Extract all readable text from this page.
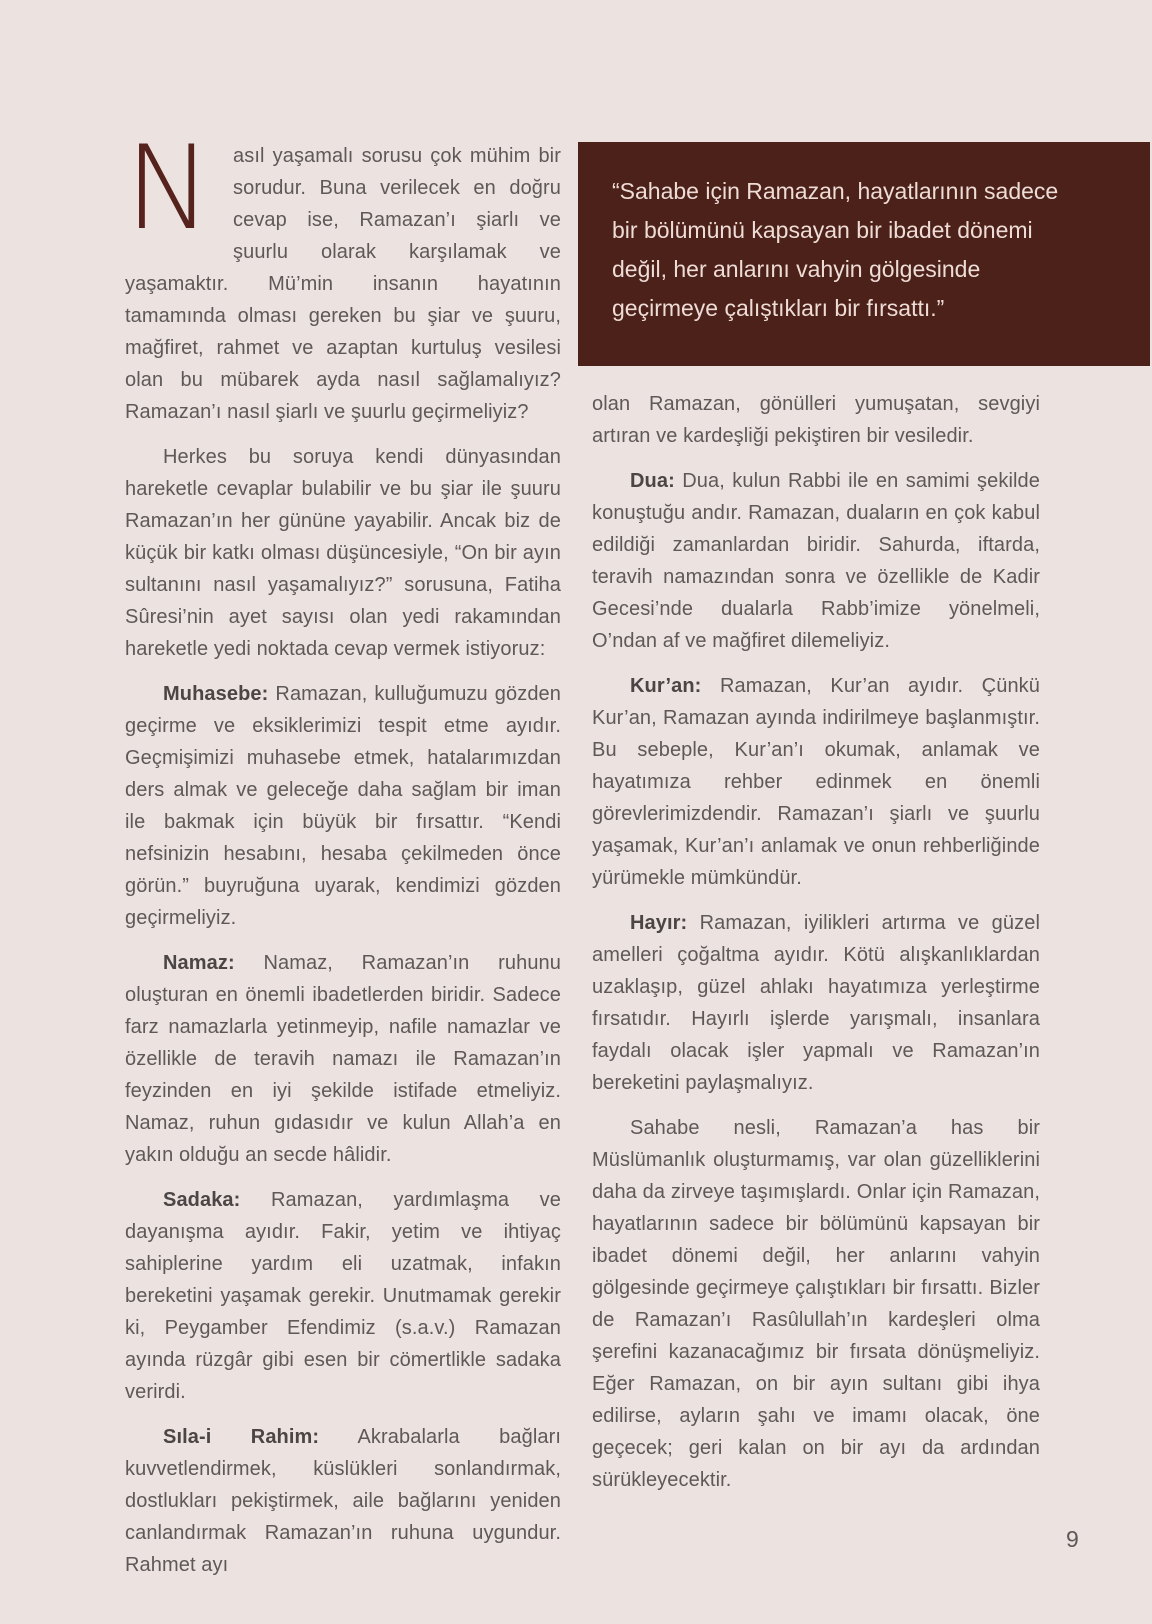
“Sahabe için Ramazan, hayatlarının sadece bir bölümünü kapsayan bir ibadet dönemi değil, her anlarını vahyin gölgesinde geçirmeye çalıştıkları bir fırsattı.”

N	asıl yaşamalı sorusu çok mühim bir sorudur. Buna verilecek en doğru cevap ise, Ramazan’ı şiarlı ve şuurlu olarak karşılamak ve yaşamaktır. Mü’min insanın hayatının tamamında olması gereken bu şiar ve şuuru, mağfiret, rahmet ve azaptan kurtuluş vesilesi olan bu mübarek ayda nasıl sağlamalıyız? Ramazan’ı nasıl şiarlı ve şuurlu geçirmeliyiz?

Herkes bu soruya kendi dünyasından hareketle cevaplar bulabilir ve bu şiar ile şuuru Ramazan’ın her gününe yayabilir. Ancak biz de küçük bir katkı olması düşüncesiyle, “On bir ayın sultanını nasıl yaşamalıyız?” sorusuna, Fatiha Sûresi’nin ayet sayısı olan yedi rakamından hareketle yedi noktada cevap vermek istiyoruz:

Muhasebe: Ramazan, kulluğumuzu gözden geçirme ve eksiklerimizi tespit etme ayıdır. Geçmişimizi muhasebe etmek, hatalarımızdan ders almak ve geleceğe daha sağlam bir iman ile bakmak için büyük bir fırsattır. “Kendi nefsinizin hesabını, hesaba çekilmeden önce görün.” buyruğuna uyarak, kendimizi gözden geçirmeliyiz.

Namaz: Namaz, Ramazan’ın ruhunu oluşturan en önemli ibadetlerden biridir. Sadece farz namazlarla yetinmeyip, nafile namazlar ve özellikle de teravih namazı ile Ramazan’ın feyzinden en iyi şekilde istifade etmeliyiz. Namaz, ruhun gıdasıdır ve kulun Allah’a en yakın olduğu an secde hâlidir.

Sadaka: Ramazan, yardımlaşma ve dayanışma ayıdır. Fakir, yetim ve ihtiyaç sahiplerine yardım eli uzatmak, infakın bereketini yaşamak gerekir. Unutmamak gerekir ki, Peygamber Efendimiz (s.a.v.) Ramazan ayında rüzgâr gibi esen bir cömertlikle sadaka verirdi.

Sıla-i Rahim: Akrabalarla bağları kuvvetlendirmek, küslükleri sonlandırmak, dostlukları pekiştirmek, aile bağlarını yeniden canlandırmak Ramazan’ın ruhuna uygundur. Rahmet ayı

olan Ramazan, gönülleri yumuşatan, sevgiyi artıran ve kardeşliği pekiştiren bir vesiledir.

Dua: Dua, kulun Rabbi ile en samimi şekilde konuştuğu andır. Ramazan, duaların en çok kabul edildiği zamanlardan biridir. Sahurda, iftarda, teravih namazından sonra ve özellikle de Kadir Gecesi’nde dualarla Rabb’imize yönelmeli, O’ndan af ve mağfiret dilemeliyiz.

Kur’an: Ramazan, Kur’an ayıdır. Çünkü Kur’an, Ramazan ayında indirilmeye başlanmıştır. Bu sebeple, Kur’an’ı okumak, anlamak ve hayatımıza rehber edinmek en önemli görevlerimizdendir. Ramazan’ı şiarlı ve şuurlu yaşamak, Kur’an’ı anlamak ve onun rehberliğinde yürümekle mümkündür.

Hayır: Ramazan, iyilikleri artırma ve güzel amelleri çoğaltma ayıdır. Kötü alışkanlıklardan uzaklaşıp, güzel ahlakı hayatımıza yerleştirme fırsatıdır. Hayırlı işlerde yarışmalı, insanlara faydalı olacak işler yapmalı ve Ramazan’ın bereketini paylaşmalıyız.

Sahabe nesli, Ramazan’a has bir Müslümanlık oluşturmamış, var olan güzelliklerini daha da zirveye taşımışlardı. Onlar için Ramazan, hayatlarının sadece bir bölümünü kapsayan bir ibadet dönemi değil, her anlarını vahyin gölgesinde geçirmeye çalıştıkları bir fırsattı. Bizler de Ramazan’ı Rasûlullah’ın kardeşleri olma şerefini kazanacağımız bir fırsata dönüşmeliyiz. Eğer Ramazan, on bir ayın sultanı gibi ihya edilirse, ayların şahı ve imamı olacak, öne geçecek; geri kalan on bir ayı da ardından sürükleyecektir.

9
